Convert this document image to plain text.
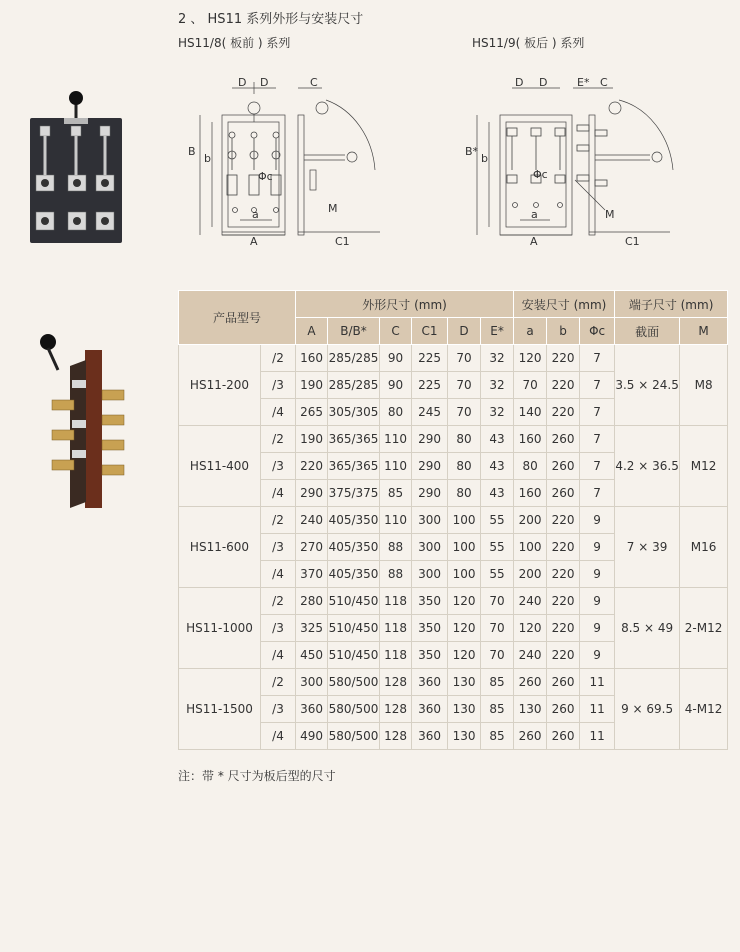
2 、 HS11 系列外形与安装尺寸
HS11/8( 板前 ) 系列	HS11/9( 板后 ) 系列
D D	C
B
b
a
A	C1
M
Φc
D D	E* C
B*
b
a
A	C1
M
Φc
产品型号		外形尺寸 (mm)						安装尺寸 (mm)			端子尺寸 (mm)	
		A	B/B*	C	C1	D	E*	a	b	Φc	截面	M
HS11-200	/2	160	285/285	90	225	70	32	120	220	7	3.5 × 24.5	M8
	/3	190	285/285	90	225	70	32	70	220	7		
	/4	265	305/305	80	245	70	32	140	220	7		
HS11-400	/2	190	365/365	110	290	80	43	160	260	7	4.2 × 36.5	M12
	/3	220	365/365	110	290	80	43	80	260	7		
	/4	290	375/375	85	290	80	43	160	260	7		
HS11-600	/2	240	405/350	110	300	100	55	200	220	9	7 × 39	M16
	/3	270	405/350	88	300	100	55	100	220	9		
	/4	370	405/350	88	300	100	55	200	220	9		
HS11-1000	/2	280	510/450	118	350	120	70	240	220	9	8.5 × 49	2-M12
	/3	325	510/450	118	350	120	70	120	220	9		
	/4	450	510/450	118	350	120	70	240	220	9		
HS11-1500	/2	300	580/500	128	360	130	85	260	260	11	9 × 69.5	4-M12
	/3	360	580/500	128	360	130	85	130	260	11		
	/4	490	580/500	128	360	130	85	260	260	11		
注：带 * 尺寸为板后型的尺寸
